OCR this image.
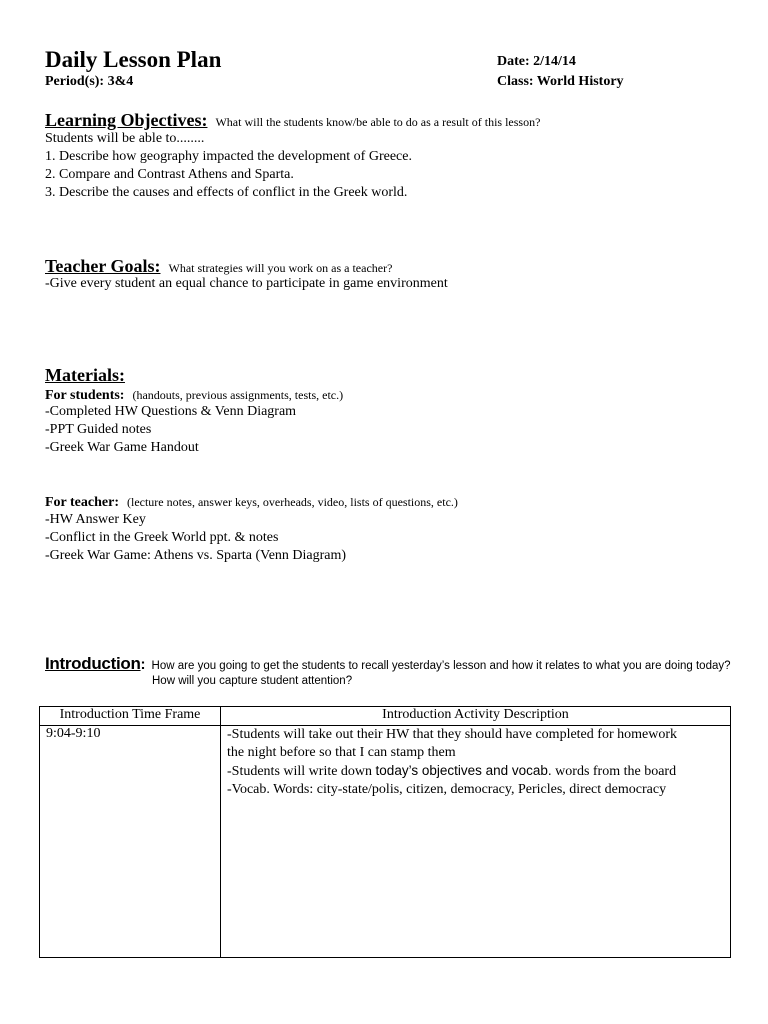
Daily Lesson Plan
Period(s): 3&4
Date: 2/14/14
Class: World History
Learning Objectives: What will the students know/be able to do as a result of this lesson?
Students will be able to........
1. Describe how geography impacted the development of Greece.
2. Compare and Contrast Athens and Sparta.
3. Describe the causes and effects of conflict in the Greek world.
Teacher Goals: What strategies will you work on as a teacher?
-Give every student an equal chance to participate in game environment
Materials:
For students: (handouts, previous assignments, tests, etc.)
-Completed HW Questions & Venn Diagram
-PPT Guided notes
-Greek War Game Handout
For teacher: (lecture notes, answer keys, overheads, video, lists of questions, etc.)
-HW Answer Key
-Conflict in the Greek World ppt. & notes
-Greek War Game: Athens vs. Sparta (Venn Diagram)
Introduction: How are you going to get the students to recall yesterday’s lesson and how it relates to what you are doing today?
How will you capture student attention?
Introduction Time Frame	Introduction Activity Description
9:04-9:10	-Students will take out their HW that they should have completed for homework
the night before so that I can stamp them
-Students will write down today’s objectives and vocab. words from the board
-Vocab. Words: city-state/polis, citizen, democracy, Pericles, direct democracy
